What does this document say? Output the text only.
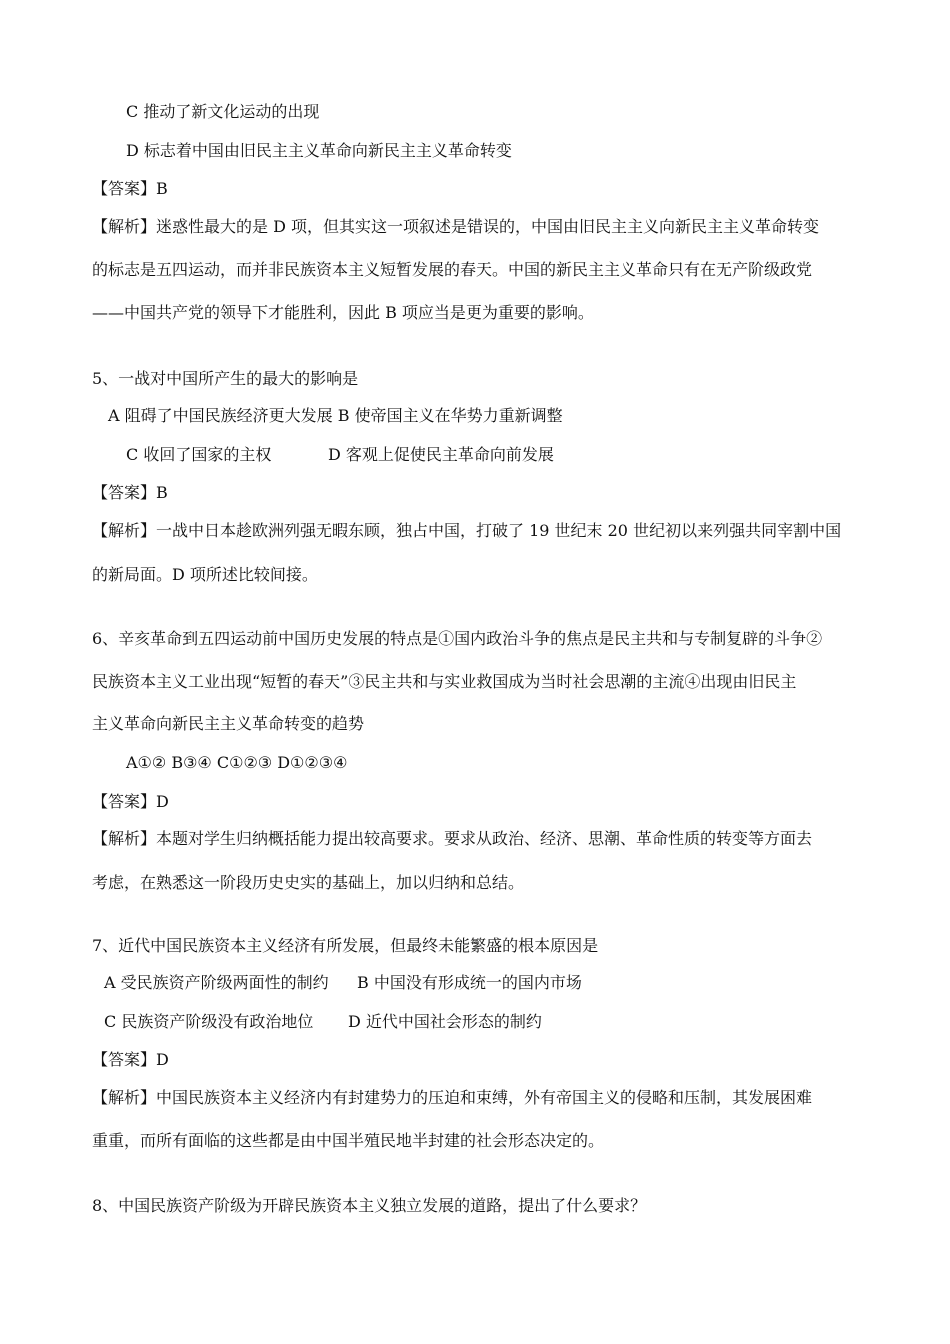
C 推动了新文化运动的出现
D 标志着中国由旧民主主义革命向新民主主义革命转变
【答案】B
【解析】迷惑性最大的是 D 项，但其实这一项叙述是错误的，中国由旧民主主义向新民主主义革命转变
的标志是五四运动，而并非民族资本主义短暂发展的春天。中国的新民主主义革命只有在无产阶级政党
——中国共产党的领导下才能胜利，因此 B 项应当是更为重要的影响。
5、一战对中国所产生的最大的影响是
A 阻碍了中国民族经济更大发展 B 使帝国主义在华势力重新调整
C 收回了国家的主权	D 客观上促使民主革命向前发展
【答案】B
【解析】一战中日本趁欧洲列强无暇东顾，独占中国，打破了 19 世纪末 20 世纪初以来列强共同宰割中国
的新局面。D 项所述比较间接。
6、辛亥革命到五四运动前中国历史发展的特点是①国内政治斗争的焦点是民主共和与专制复辟的斗争②
民族资本主义工业出现“短暂的春天”③民主共和与实业救国成为当时社会思潮的主流④出现由旧民主
主义革命向新民主主义革命转变的趋势
A①② B③④ C①②③ D①②③④
【答案】D
【解析】本题对学生归纳概括能力提出较高要求。要求从政治、经济、思潮、革命性质的转变等方面去
考虑，在熟悉这一阶段历史史实的基础上，加以归纳和总结。
7、近代中国民族资本主义经济有所发展，但最终未能繁盛的根本原因是
A 受民族资产阶级两面性的制约 B 中国没有形成统一的国内市场
C 民族资产阶级没有政治地位 D 近代中国社会形态的制约
【答案】D
【解析】中国民族资本主义经济内有封建势力的压迫和束缚，外有帝国主义的侵略和压制，其发展困难
重重，而所有面临的这些都是由中国半殖民地半封建的社会形态决定的。
8、中国民族资产阶级为开辟民族资本主义独立发展的道路，提出了什么要求？
